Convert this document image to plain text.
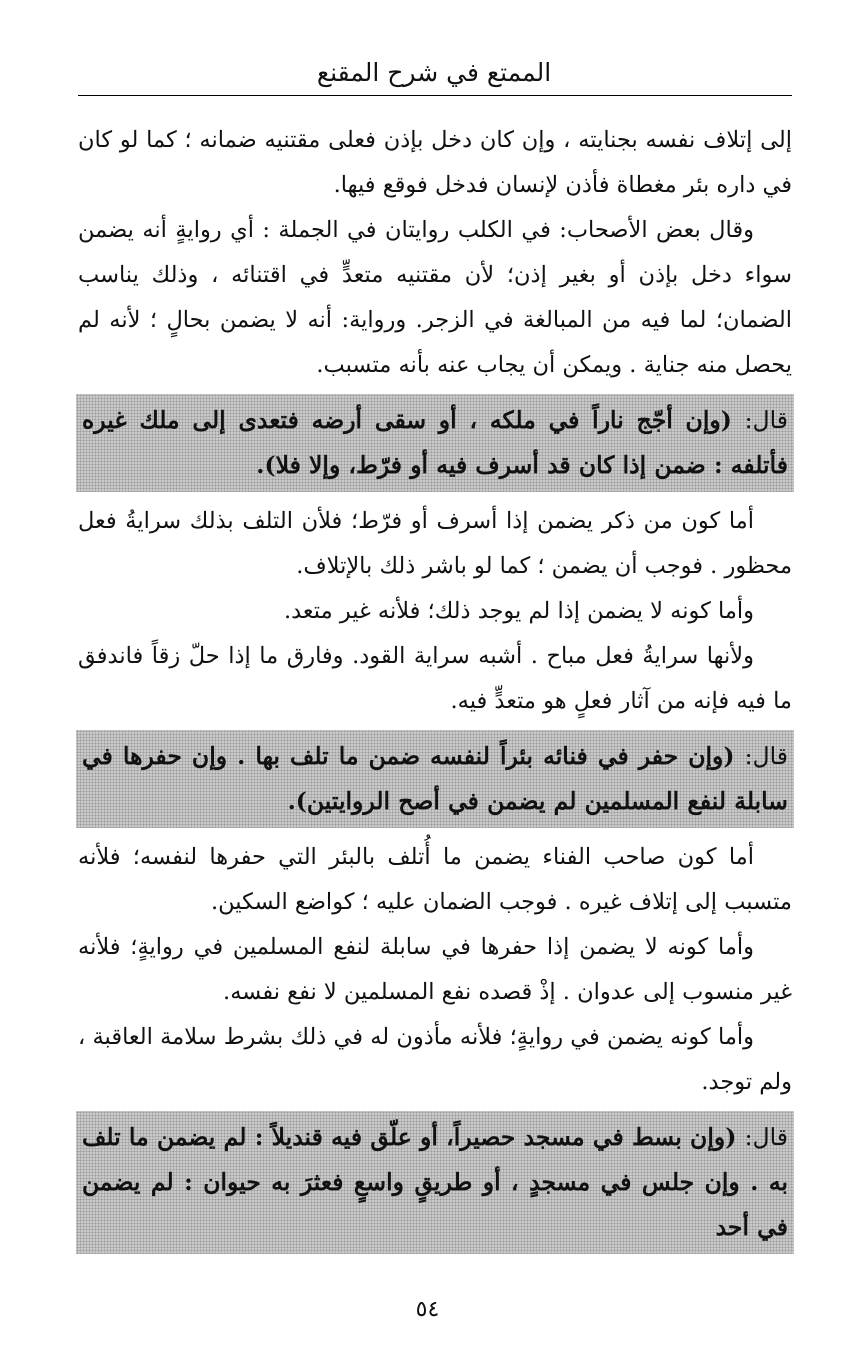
الممتع في شرح المقنع

إلى إتلاف نفسه بجنايته ، وإن كان دخل بإذن فعلى مقتنيه ضمانه ؛ كما لو كان في داره بئر مغطاة فأذن لإنسان فدخل فوقع فيها.

وقال بعض الأصحاب: في الكلب روايتان في الجملة : أي روايةٍ أنه يضمن سواء دخل بإذن أو بغير إذن؛ لأن مقتنيه متعدٍّ في اقتنائه ، وذلك يناسب الضمان؛ لما فيه من المبالغة في الزجر. ورواية: أنه لا يضمن بحالٍ ؛ لأنه لم يحصل منه جناية . ويمكن أن يجاب عنه بأنه متسبب.

قال: (وإن أجّج ناراً في ملكه ، أو سقى أرضه فتعدى إلى ملك غيره فأتلفه : ضمن إذا كان قد أسرف فيه أو فرّط، وإلا فلا).

أما كون من ذكر يضمن إذا أسرف أو فرّط؛ فلأن التلف بذلك سرايةُ فعل محظور . فوجب أن يضمن ؛ كما لو باشر ذلك بالإتلاف.

وأما كونه لا يضمن إذا لم يوجد ذلك؛ فلأنه غير متعد.

ولأنها سرايةُ فعل مباح . أشبه سراية القود. وفارق ما إذا حلّ زقاً فاندفق ما فيه فإنه من آثار فعلٍ هو متعدٍّ فيه.

قال: (وإن حفر في فنائه بئراً لنفسه ضمن ما تلف بها . وإن حفرها في سابلة لنفع المسلمين لم يضمن في أصح الروايتين).

أما كون صاحب الفناء يضمن ما أُتلف بالبئر التي حفرها لنفسه؛ فلأنه متسبب إلى إتلاف غيره . فوجب الضمان عليه ؛ كواضع السكين.

وأما كونه لا يضمن إذا حفرها في سابلة لنفع المسلمين في روايةٍ؛ فلأنه غير منسوب إلى عدوان . إذْ قصده نفع المسلمين لا نفع نفسه.

وأما كونه يضمن في روايةٍ؛ فلأنه مأذون له في ذلك بشرط سلامة العاقبة ، ولم توجد.

قال: (وإن بسط في مسجد حصيراً، أو علّق فيه قنديلاً : لم يضمن ما تلف به . وإن جلس في مسجدٍ ، أو طريقٍ واسعٍ فعثرَ به حيوان : لم يضمن في أحد
٥٤
